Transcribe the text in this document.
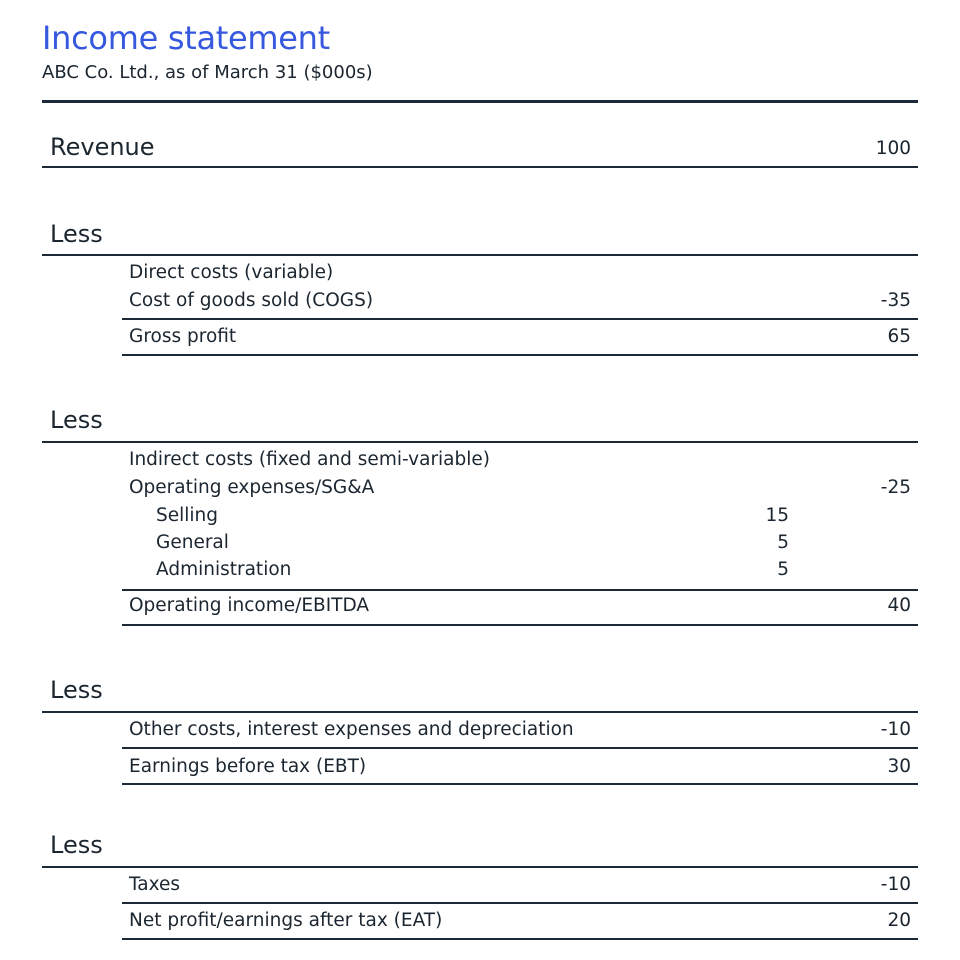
Income statement
ABC Co. Ltd., as of March 31 ($000s)
Revenue	100
Less
Direct costs (variable)
Cost of goods sold (COGS)	-35
Gross profit	65
Less
Indirect costs (fixed and semi-variable)
Operating expenses/SG&A	-25
Selling	15
General	5
Administration	5
Operating income/EBITDA	40
Less
Other costs, interest expenses and depreciation	-10
Earnings before tax (EBT)	30
Less
Taxes	-10
Net profit/earnings after tax (EAT)	20
